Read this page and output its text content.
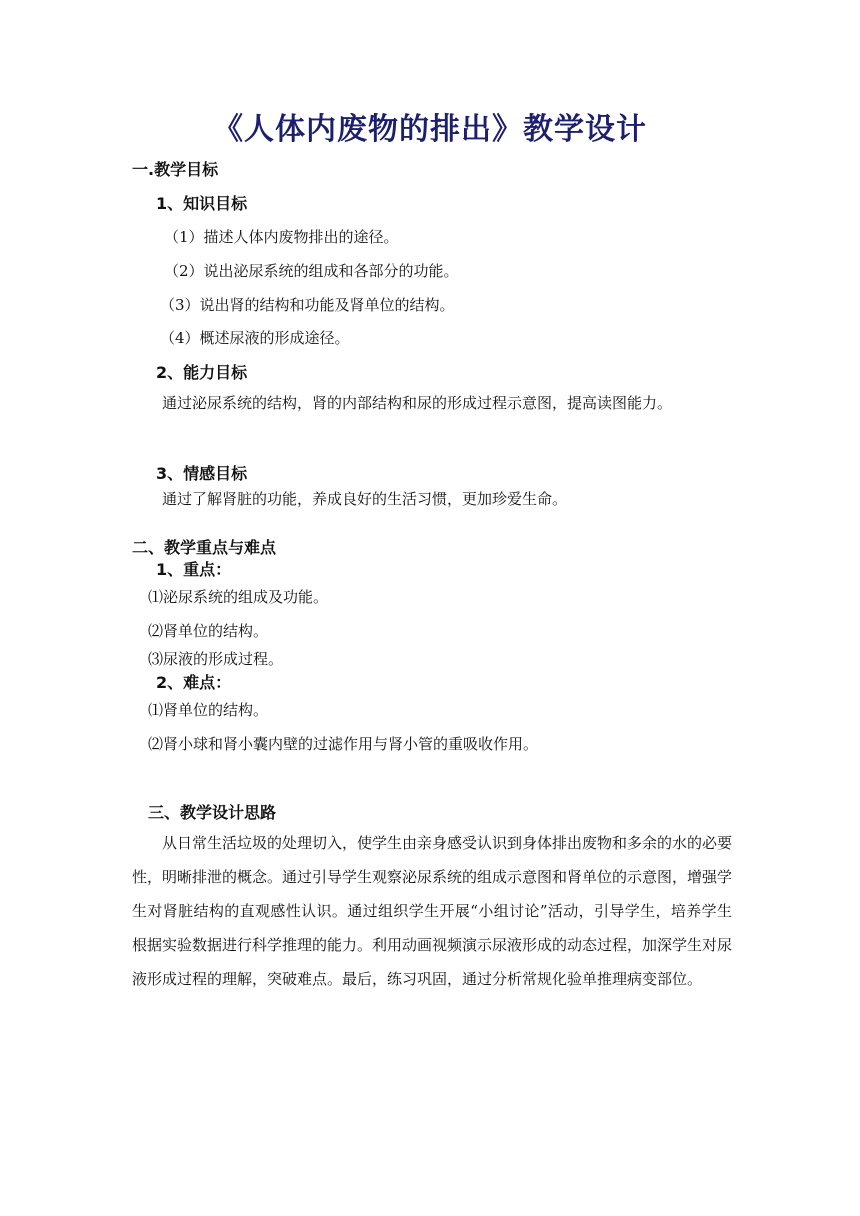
《人体内废物的排出》教学设计
一.教学目标
1、知识目标
（1）描述人体内废物排出的途径。
（2）说出泌尿系统的组成和各部分的功能。
（3）说出肾的结构和功能及肾单位的结构。
（4）概述尿液的形成途径。
2、能力目标
通过泌尿系统的结构，肾的内部结构和尿的形成过程示意图，提高读图能力。
3、情感目标
通过了解肾脏的功能，养成良好的生活习惯，更加珍爱生命。
二、教学重点与难点
1、重点：
⑴泌尿系统的组成及功能。
⑵肾单位的结构。
⑶尿液的形成过程。
2、难点：
⑴肾单位的结构。
⑵肾小球和肾小囊内壁的过滤作用与肾小管的重吸收作用。
三、教学设计思路
从日常生活垃圾的处理切入，使学生由亲身感受认识到身体排出废物和多余的水的必要性，明晰排泄的概念。通过引导学生观察泌尿系统的组成示意图和肾单位的示意图，增强学生对肾脏结构的直观感性认识。通过组织学生开展“小组讨论”活动，引导学生，培养学生根据实验数据进行科学推理的能力。利用动画视频演示尿液形成的动态过程，加深学生对尿液形成过程的理解，突破难点。最后，练习巩固，通过分析常规化验单推理病变部位。
